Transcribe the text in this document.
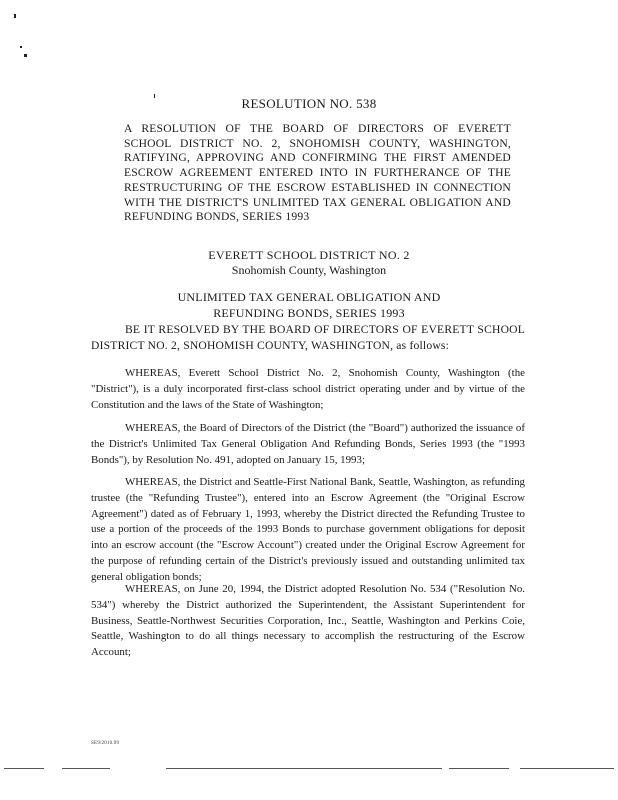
RESOLUTION NO. 538
A RESOLUTION OF THE BOARD OF DIRECTORS OF EVERETT SCHOOL DISTRICT NO. 2, SNOHOMISH COUNTY, WASHINGTON, RATIFYING, APPROVING AND CONFIRMING THE FIRST AMENDED ESCROW AGREEMENT ENTERED INTO IN FURTHERANCE OF THE RESTRUCTURING OF THE ESCROW ESTABLISHED IN CONNECTION WITH THE DISTRICT'S UNLIMITED TAX GENERAL OBLIGATION AND REFUNDING BONDS, SERIES 1993
EVERETT SCHOOL DISTRICT NO. 2
Snohomish County, Washington
UNLIMITED TAX GENERAL OBLIGATION AND REFUNDING BONDS, SERIES 1993

BE IT RESOLVED BY THE BOARD OF DIRECTORS OF EVERETT SCHOOL DISTRICT NO. 2, SNOHOMISH COUNTY, WASHINGTON, as follows:

WHEREAS, Everett School District No. 2, Snohomish County, Washington (the "District"), is a duly incorporated first-class school district operating under and by virtue of the Constitution and the laws of the State of Washington;

WHEREAS, the Board of Directors of the District (the "Board") authorized the issuance of the District's Unlimited Tax General Obligation And Refunding Bonds, Series 1993 (the "1993 Bonds"), by Resolution No. 491, adopted on January 15, 1993;

WHEREAS, the District and Seattle-First National Bank, Seattle, Washington, as refunding trustee (the "Refunding Trustee"), entered into an Escrow Agreement (the "Original Escrow Agreement") dated as of February 1, 1993, whereby the District directed the Refunding Trustee to use a portion of the proceeds of the 1993 Bonds to purchase government obligations for deposit into an escrow account (the "Escrow Account") created under the Original Escrow Agreement for the purpose of refunding certain of the District's previously issued and outstanding unlimited tax general obligation bonds;

WHEREAS, on June 20, 1994, the District adopted Resolution No. 534 ("Resolution No. 534") whereby the District authorized the Superintendent, the Assistant Superintendent for Business, Seattle-Northwest Securities Corporation, Inc., Seattle, Washington and Perkins Coie, Seattle, Washington to do all things necessary to accomplish the restructuring of the Escrow Account;

SE9/2010.99
